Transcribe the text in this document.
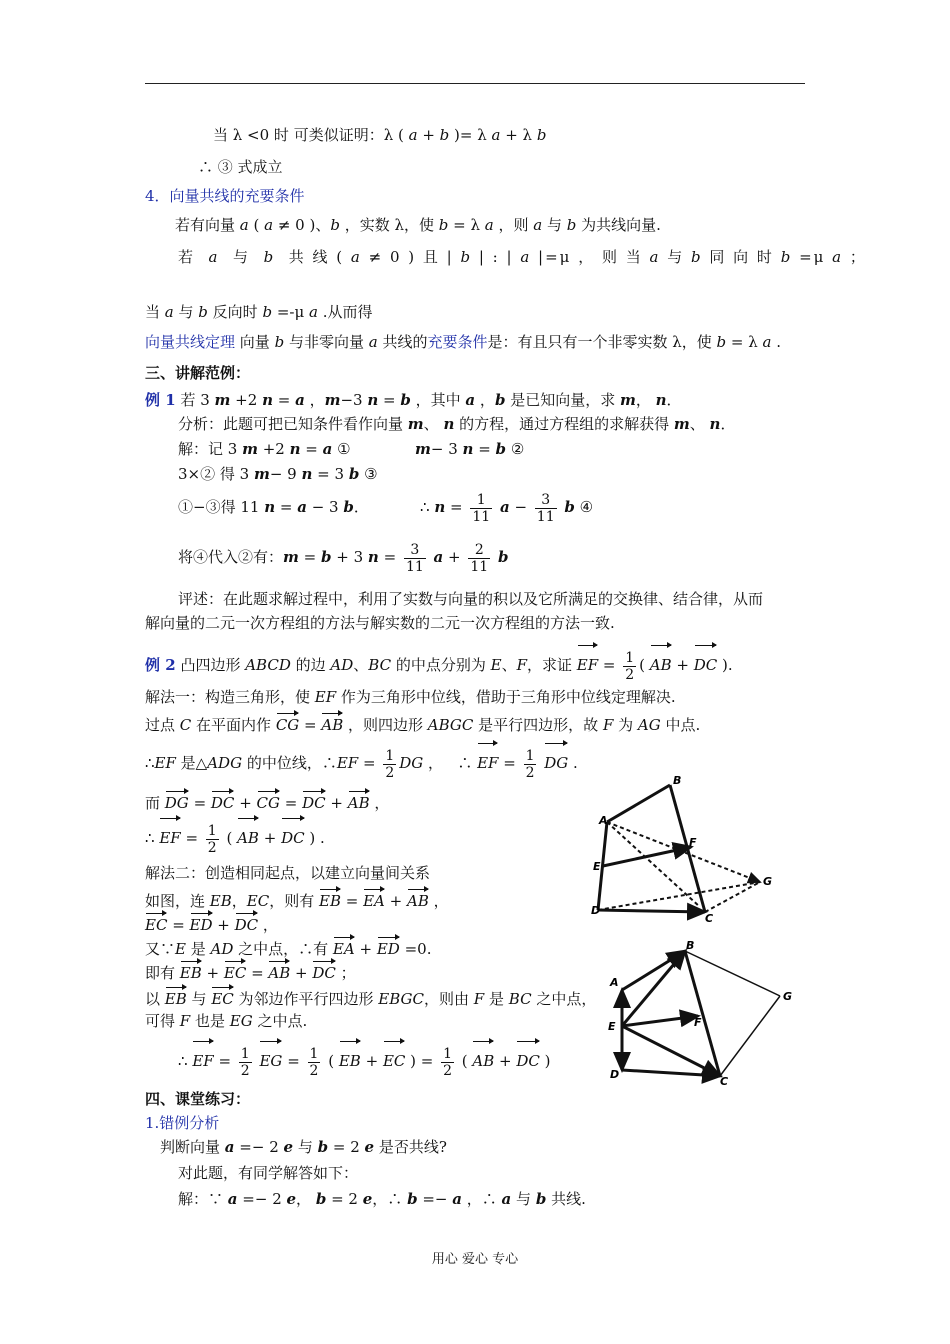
当 λ <0 时 可类似证明：λ ( a + b )= λ a + λ b
∴ ③ 式成立
4．向量共线的充要条件
若有向量 a ( a ≠ 0 )、b ，实数 λ，使 b = λ a ，则 a 与 b 为共线向量.
若  a  与  b  共 线 ( a ≠ 0 ) 且 | b | : | a |=μ ， 则 当 a 与 b 同 向 时 b =μ a ；
当 a 与 b 反向时 b =-μ a .从而得
向量共线定理 向量 b 与非零向量 a 共线的充要条件是：有且只有一个非零实数 λ，使 b = λ a .
三、讲解范例：
例 1 若 3 m +2 n = a ，m−3 n = b ，其中 a ，b 是已知向量，求 m， n．
分析：此题可把已知条件看作向量 m、 n 的方程，通过方程组的求解获得 m、 n．
解：记 3 m +2 n = a ①	m− 3 n = b ②
3×② 得 3 m− 9 n = 3 b ③
①−③得 11 n = a − 3 b．	∴ $n = \frac{1}{11}$ $a - \frac{3}{11}$ b ④
将④代入②有：m = b + 3 $n = \frac{3}{11}$ $a + \frac{2}{11}$ b
评述：在此题求解过程中，利用了实数与向量的积以及它所满足的交换律、结合律，从而
解向量的二元一次方程组的方法与解实数的二元一次方程组的方法一致.
例 2 凸四边形 ABCD 的边 AD、BC 的中点分别为 E、F，求证 EF = $\frac{1}{2}$ ( AB + DC ).
解法一：构造三角形，使 EF 作为三角形中位线，借助于三角形中位线定理解决.
过点 C 在平面内作 CG = AB ，则四边形 ABGC 是平行四边形，故 F 为 AG 中点.
∴EF 是△ADG 的中位线，∴EF = $\frac{1}{2}$ DG ，   ∴ EF = $\frac{1}{2}$ DG .
而 DG = DC + CG = DC + AB ，
∴ EF = $\frac{1}{2}$ ( AB + DC ) .
解法二：创造相同起点，以建立向量间关系
如图，连 EB，EC，则有 EB = EA + AB ，
EC = ED + DC ，
又∵E 是 AD 之中点，∴有 EA + ED =0.
即有 EB + EC = AB + DC ；
以 EB 与 EC 为邻边作平行四边形 EBGC，则由 F 是 BC 之中点，
可得 F 也是 EG 之中点.
∴ EF = $\frac{1}{2}$ EG = $\frac{1}{2}$ ( EB + EC ) = $\frac{1}{2}$ ( AB + DC )
四、课堂练习：
1.错例分析
判断向量 a =− 2 e 与 b = 2 e 是否共线?
对此题，有同学解答如下：
解：∵ a =− 2 e， b = 2 e，∴ b =− a ，∴ a 与 b 共线.
用心 爱心 专心
A
B
C
D
E
F
G
A
B
C
D
E	F
G
